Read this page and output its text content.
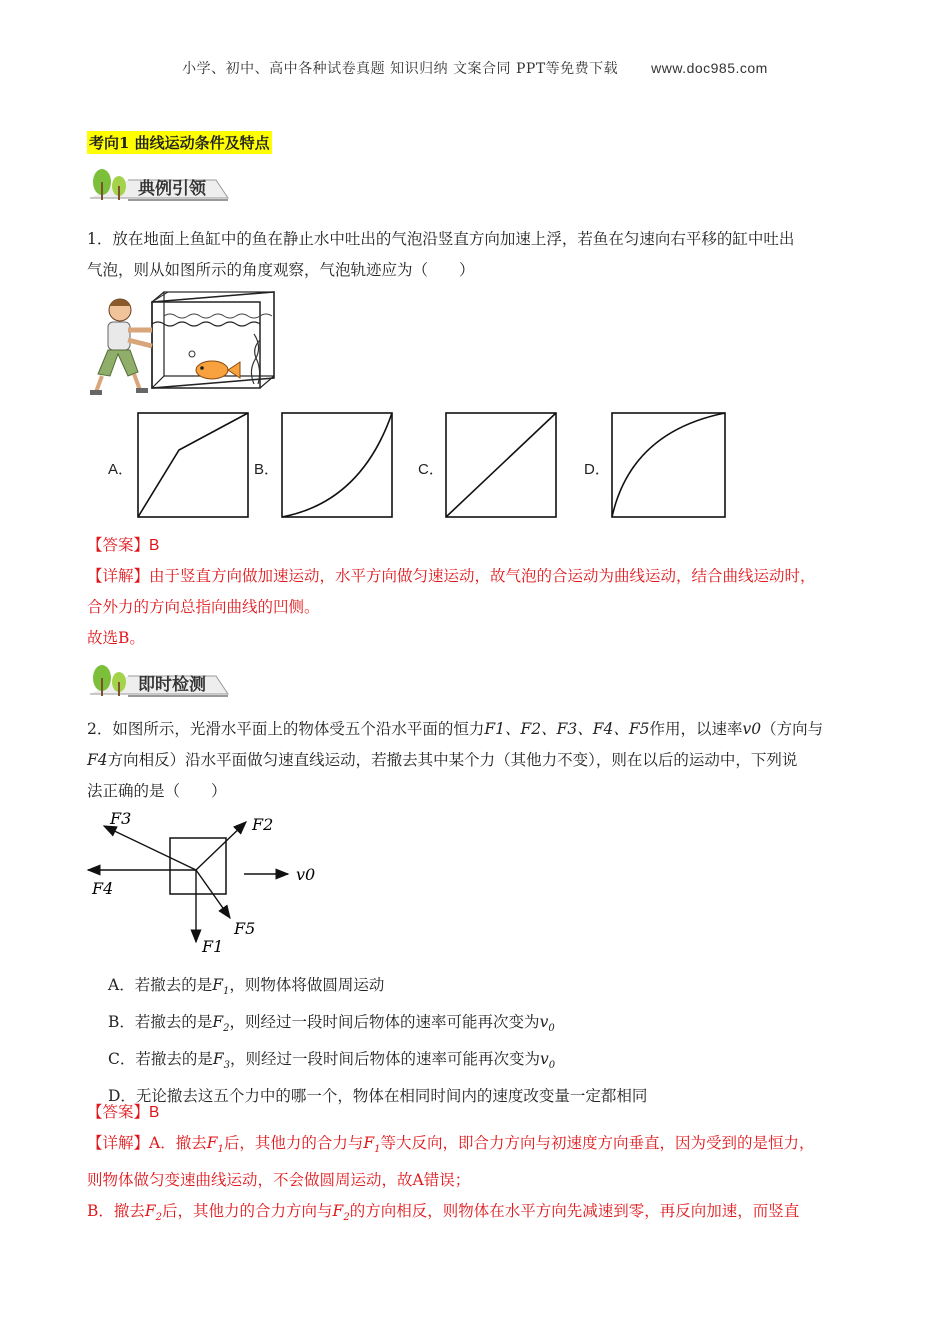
小学、初中、高中各种试卷真题 知识归纳 文案合同 PPT等免费下载 www.doc985.com
考向1 曲线运动条件及特点
典例引领
1．放在地面上鱼缸中的鱼在静止水中吐出的气泡沿竖直方向加速上浮，若鱼在匀速向右平移的缸中吐出
气泡，则从如图所示的角度观察，气泡轨迹应为（　　）
A．	B．	C．	D．
【答案】B
【详解】由于竖直方向做加速运动，水平方向做匀速运动，故气泡的合运动为曲线运动，结合曲线运动时，
合外力的方向总指向曲线的凹侧。
故选B。
即时检测
2．如图所示，光滑水平面上的物体受五个沿水平面的恒力F1、F2、F3、F4、F5作用，以速率v0（方向与
F4方向相反）沿水平面做匀速直线运动，若撤去其中某个力（其他力不变），则在以后的运动中，下列说
法正确的是（　　）
F3	F2
F4
v0
F5
F1
A．若撤去的是$F_1$，则物体将做圆周运动
B．若撤去的是$F_2$，则经过一段时间后物体的速率可能再次变为$v_0$
C．若撤去的是$F_3$，则经过一段时间后物体的速率可能再次变为$v_0$
D．无论撤去这五个力中的哪一个，物体在相同时间内的速度改变量一定都相同
【答案】B
【详解】A．撤去$F_1$后，其他力的合力与$F_1$等大反向，即合力方向与初速度方向垂直，因为受到的是恒力，
则物体做匀变速曲线运动，不会做圆周运动，故A错误；
B．撤去$F_2$后，其他力的合力方向与$F_2$的方向相反，则物体在水平方向先减速到零，再反向加速，而竖直
